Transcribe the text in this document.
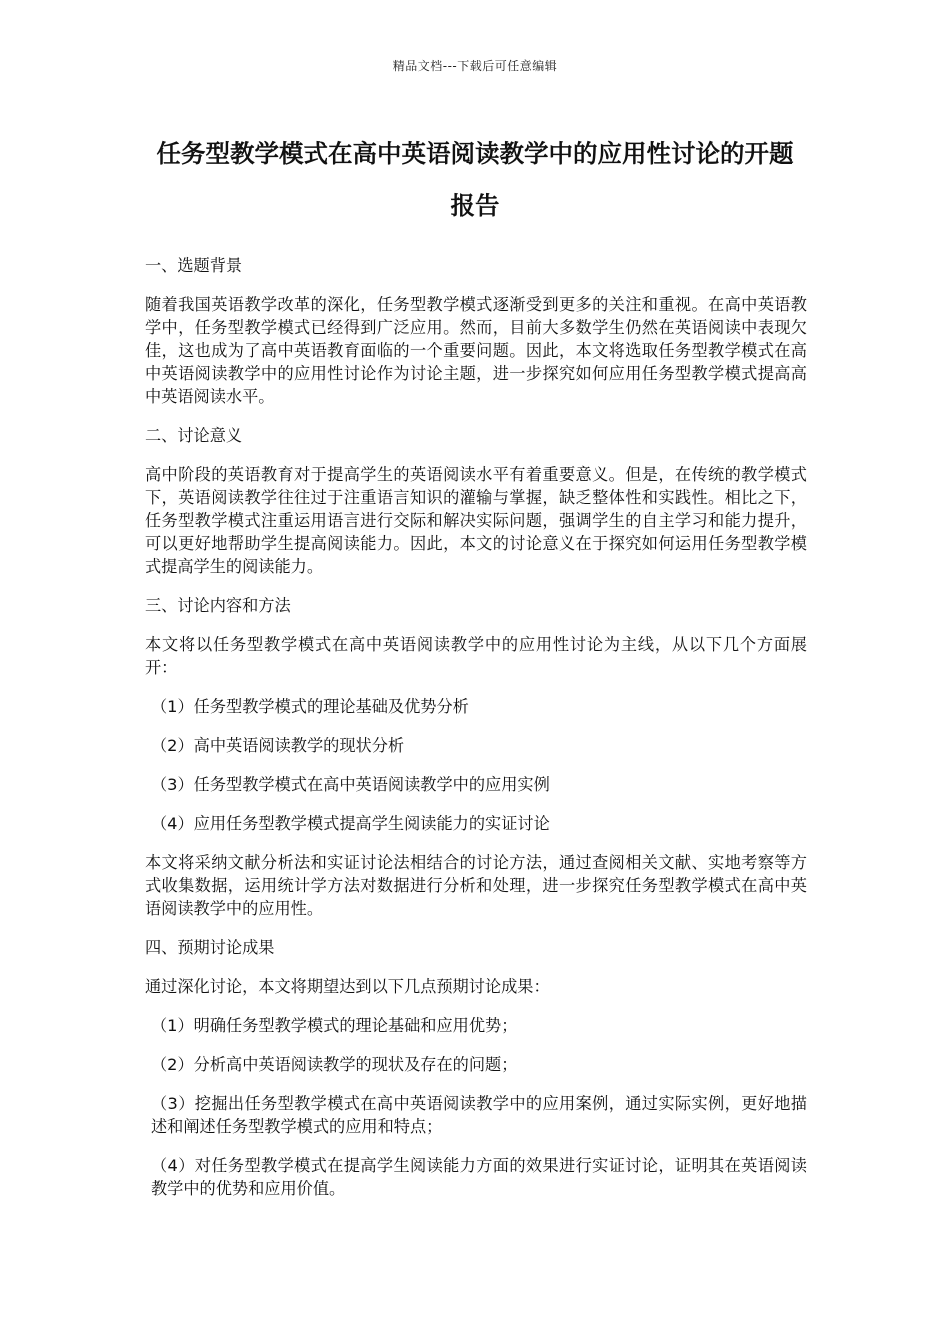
精品文档---下载后可任意编辑
任务型教学模式在高中英语阅读教学中的应用性讨论的开题报告

一、选题背景

随着我国英语教学改革的深化，任务型教学模式逐渐受到更多的关注和重视。在高中英语教学中，任务型教学模式已经得到广泛应用。然而，目前大多数学生仍然在英语阅读中表现欠佳，这也成为了高中英语教育面临的一个重要问题。因此，本文将选取任务型教学模式在高中英语阅读教学中的应用性讨论作为讨论主题，进一步探究如何应用任务型教学模式提高高中英语阅读水平。

二、讨论意义

高中阶段的英语教育对于提高学生的英语阅读水平有着重要意义。但是，在传统的教学模式下，英语阅读教学往往过于注重语言知识的灌输与掌握，缺乏整体性和实践性。相比之下，任务型教学模式注重运用语言进行交际和解决实际问题，强调学生的自主学习和能力提升，可以更好地帮助学生提高阅读能力。因此，本文的讨论意义在于探究如何运用任务型教学模式提高学生的阅读能力。

三、讨论内容和方法

本文将以任务型教学模式在高中英语阅读教学中的应用性讨论为主线，从以下几个方面展开：

（1）任务型教学模式的理论基础及优势分析

（2）高中英语阅读教学的现状分析

（3）任务型教学模式在高中英语阅读教学中的应用实例

（4）应用任务型教学模式提高学生阅读能力的实证讨论

本文将采纳文献分析法和实证讨论法相结合的讨论方法，通过查阅相关文献、实地考察等方式收集数据，运用统计学方法对数据进行分析和处理，进一步探究任务型教学模式在高中英语阅读教学中的应用性。

四、预期讨论成果

通过深化讨论，本文将期望达到以下几点预期讨论成果：

（1）明确任务型教学模式的理论基础和应用优势；

（2）分析高中英语阅读教学的现状及存在的问题；

（3）挖掘出任务型教学模式在高中英语阅读教学中的应用案例，通过实际实例，更好地描述和阐述任务型教学模式的应用和特点；

（4）对任务型教学模式在提高学生阅读能力方面的效果进行实证讨论，证明其在英语阅读教学中的优势和应用价值。
